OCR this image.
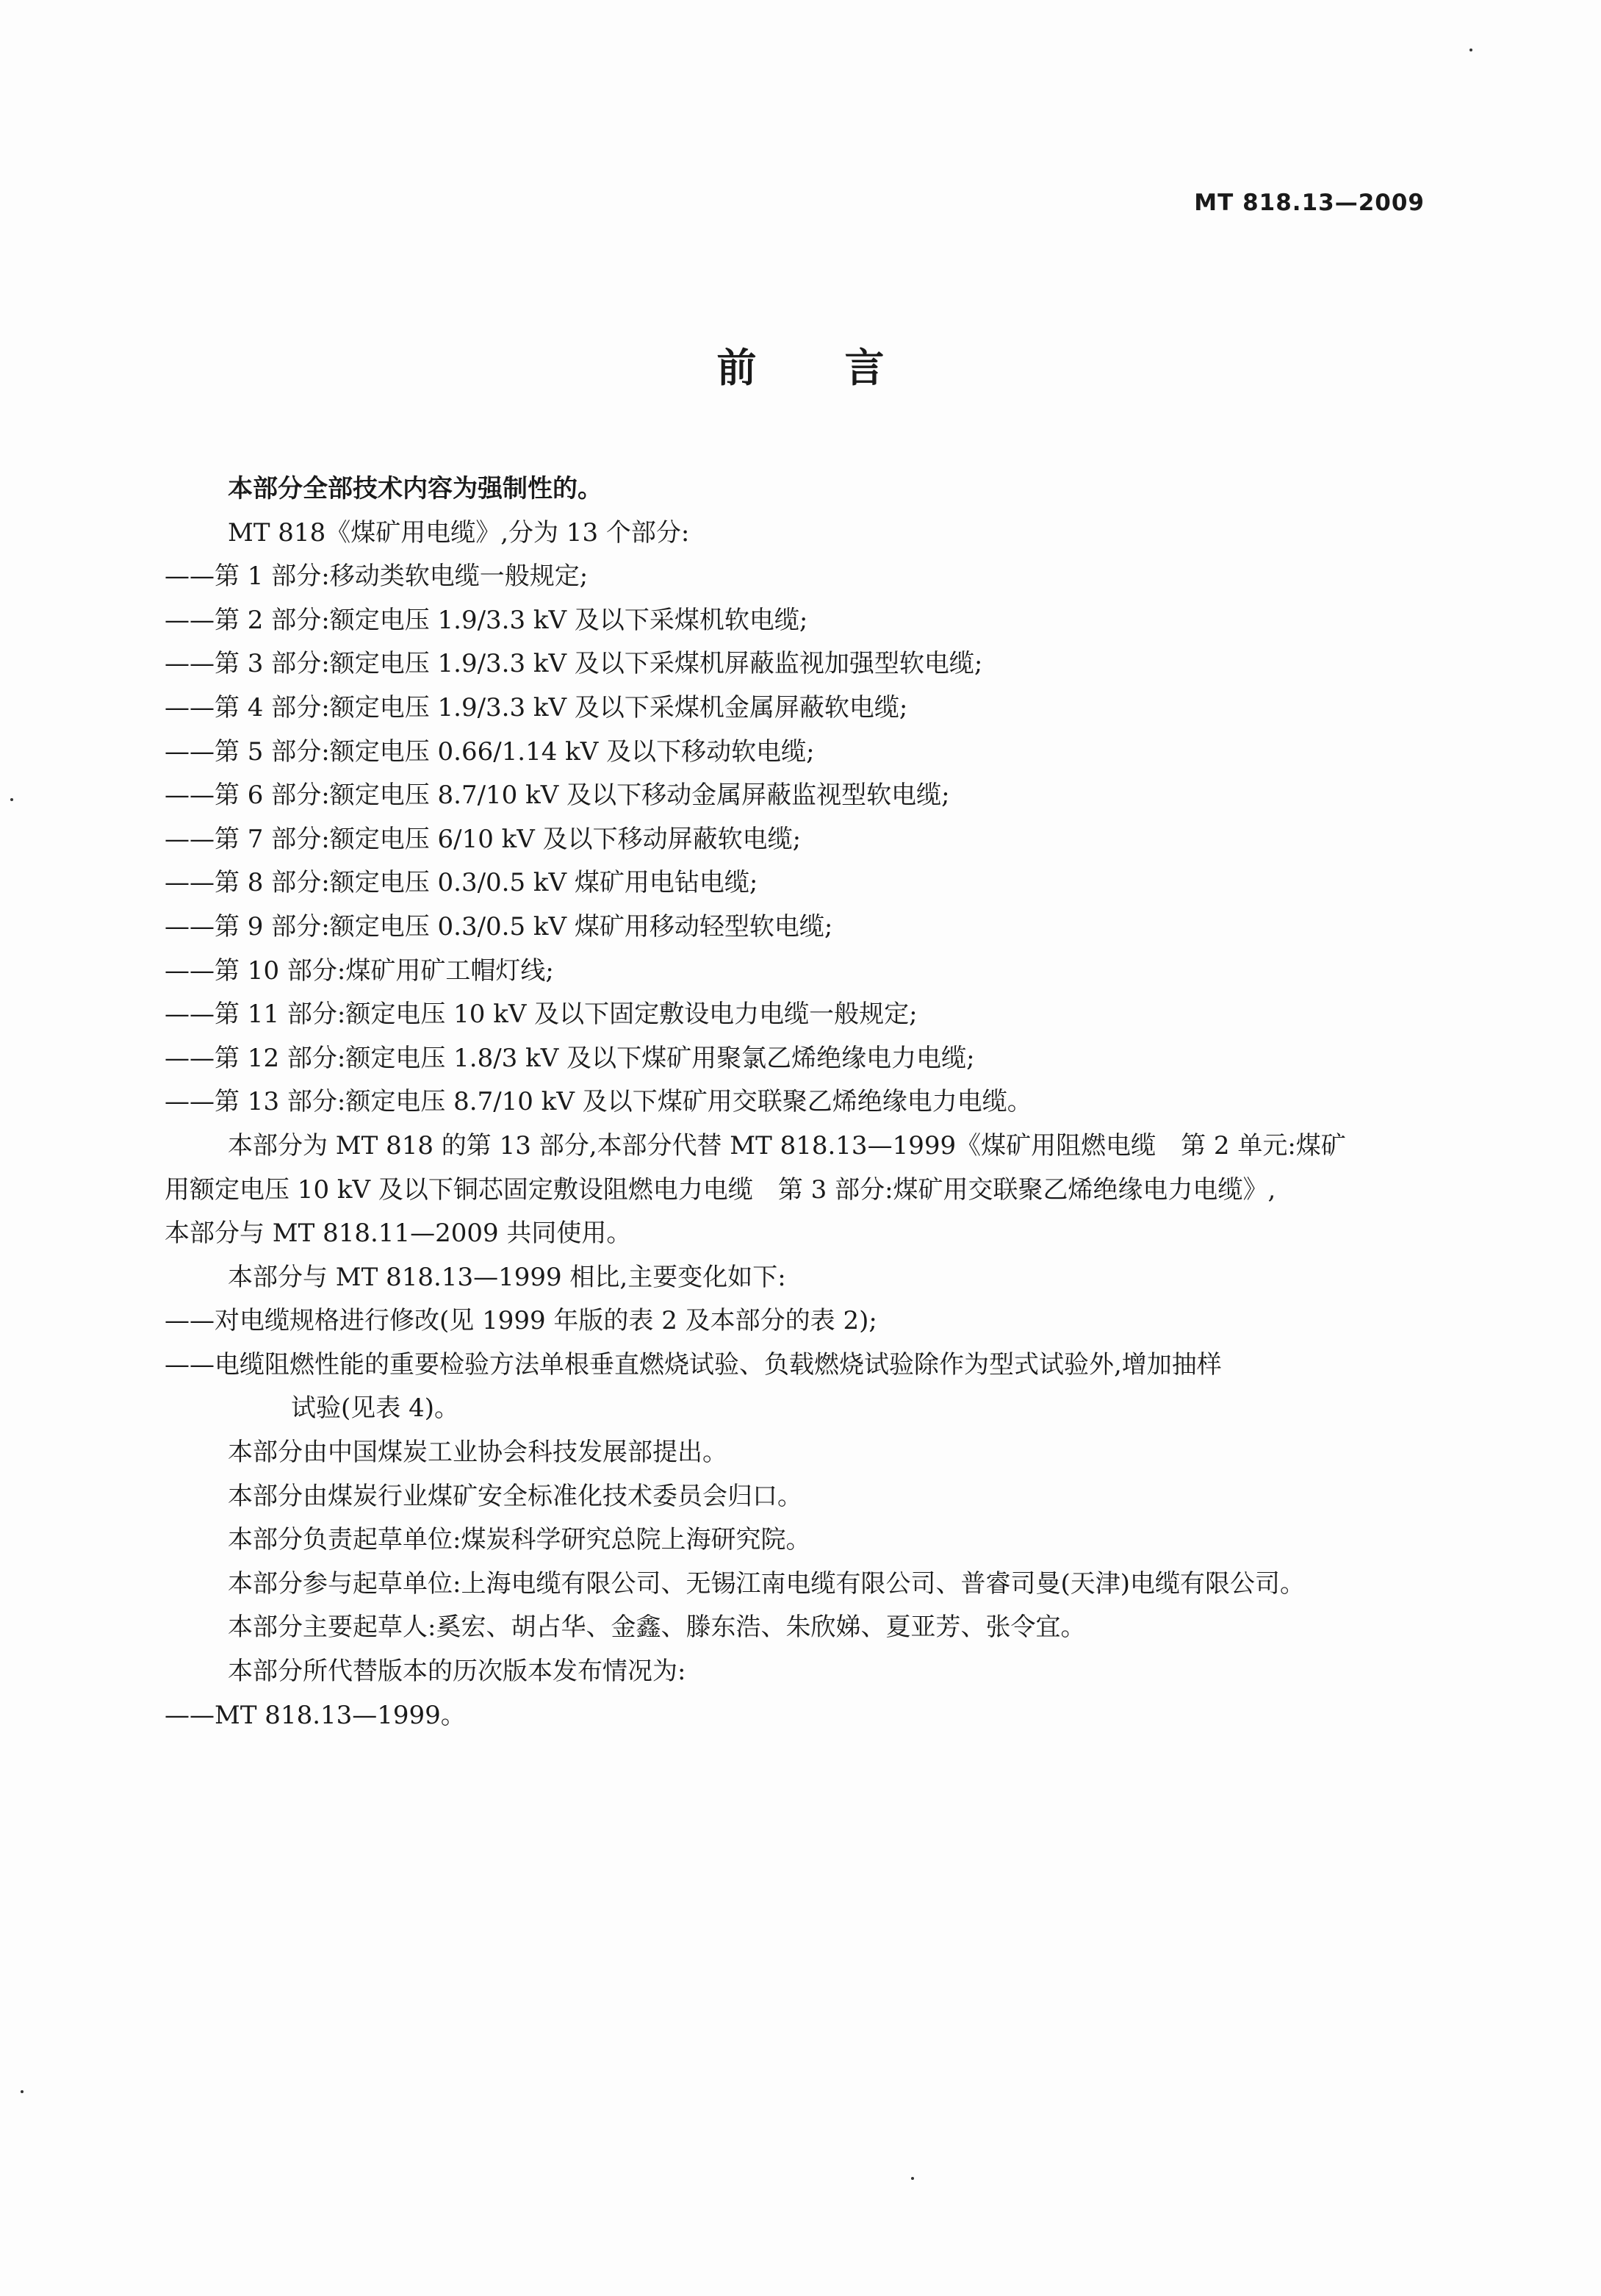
MT 818.13—2009
前言

本部分全部技术内容为强制性的。

MT 818《煤矿用电缆》,分为 13 个部分:

——第 1 部分:移动类软电缆一般规定;

——第 2 部分:额定电压 1.9/3.3 kV 及以下采煤机软电缆;

——第 3 部分:额定电压 1.9/3.3 kV 及以下采煤机屏蔽监视加强型软电缆;

——第 4 部分:额定电压 1.9/3.3 kV 及以下采煤机金属屏蔽软电缆;

——第 5 部分:额定电压 0.66/1.14 kV 及以下移动软电缆;

——第 6 部分:额定电压 8.7/10 kV 及以下移动金属屏蔽监视型软电缆;

——第 7 部分:额定电压 6/10 kV 及以下移动屏蔽软电缆;

——第 8 部分:额定电压 0.3/0.5 kV 煤矿用电钻电缆;

——第 9 部分:额定电压 0.3/0.5 kV 煤矿用移动轻型软电缆;

——第 10 部分:煤矿用矿工帽灯线;

——第 11 部分:额定电压 10 kV 及以下固定敷设电力电缆一般规定;

——第 12 部分:额定电压 1.8/3 kV 及以下煤矿用聚氯乙烯绝缘电力电缆;

——第 13 部分:额定电压 8.7/10 kV 及以下煤矿用交联聚乙烯绝缘电力电缆。

本部分为 MT 818 的第 13 部分,本部分代替 MT 818.13—1999《煤矿用阻燃电缆　第 2 单元:煤矿

用额定电压 10 kV 及以下铜芯固定敷设阻燃电力电缆　第 3 部分:煤矿用交联聚乙烯绝缘电力电缆》,

本部分与 MT 818.11—2009 共同使用。

本部分与 MT 818.13—1999 相比,主要变化如下:

——对电缆规格进行修改(见 1999 年版的表 2 及本部分的表 2);

——电缆阻燃性能的重要检验方法单根垂直燃烧试验、负载燃烧试验除作为型式试验外,增加抽样

试验(见表 4)。

本部分由中国煤炭工业协会科技发展部提出。

本部分由煤炭行业煤矿安全标准化技术委员会归口。

本部分负责起草单位:煤炭科学研究总院上海研究院。

本部分参与起草单位:上海电缆有限公司、无锡江南电缆有限公司、普睿司曼(天津)电缆有限公司。

本部分主要起草人:奚宏、胡占华、金鑫、滕东浩、朱欣娣、夏亚芳、张令宜。

本部分所代替版本的历次版本发布情况为:

——MT 818.13—1999。
